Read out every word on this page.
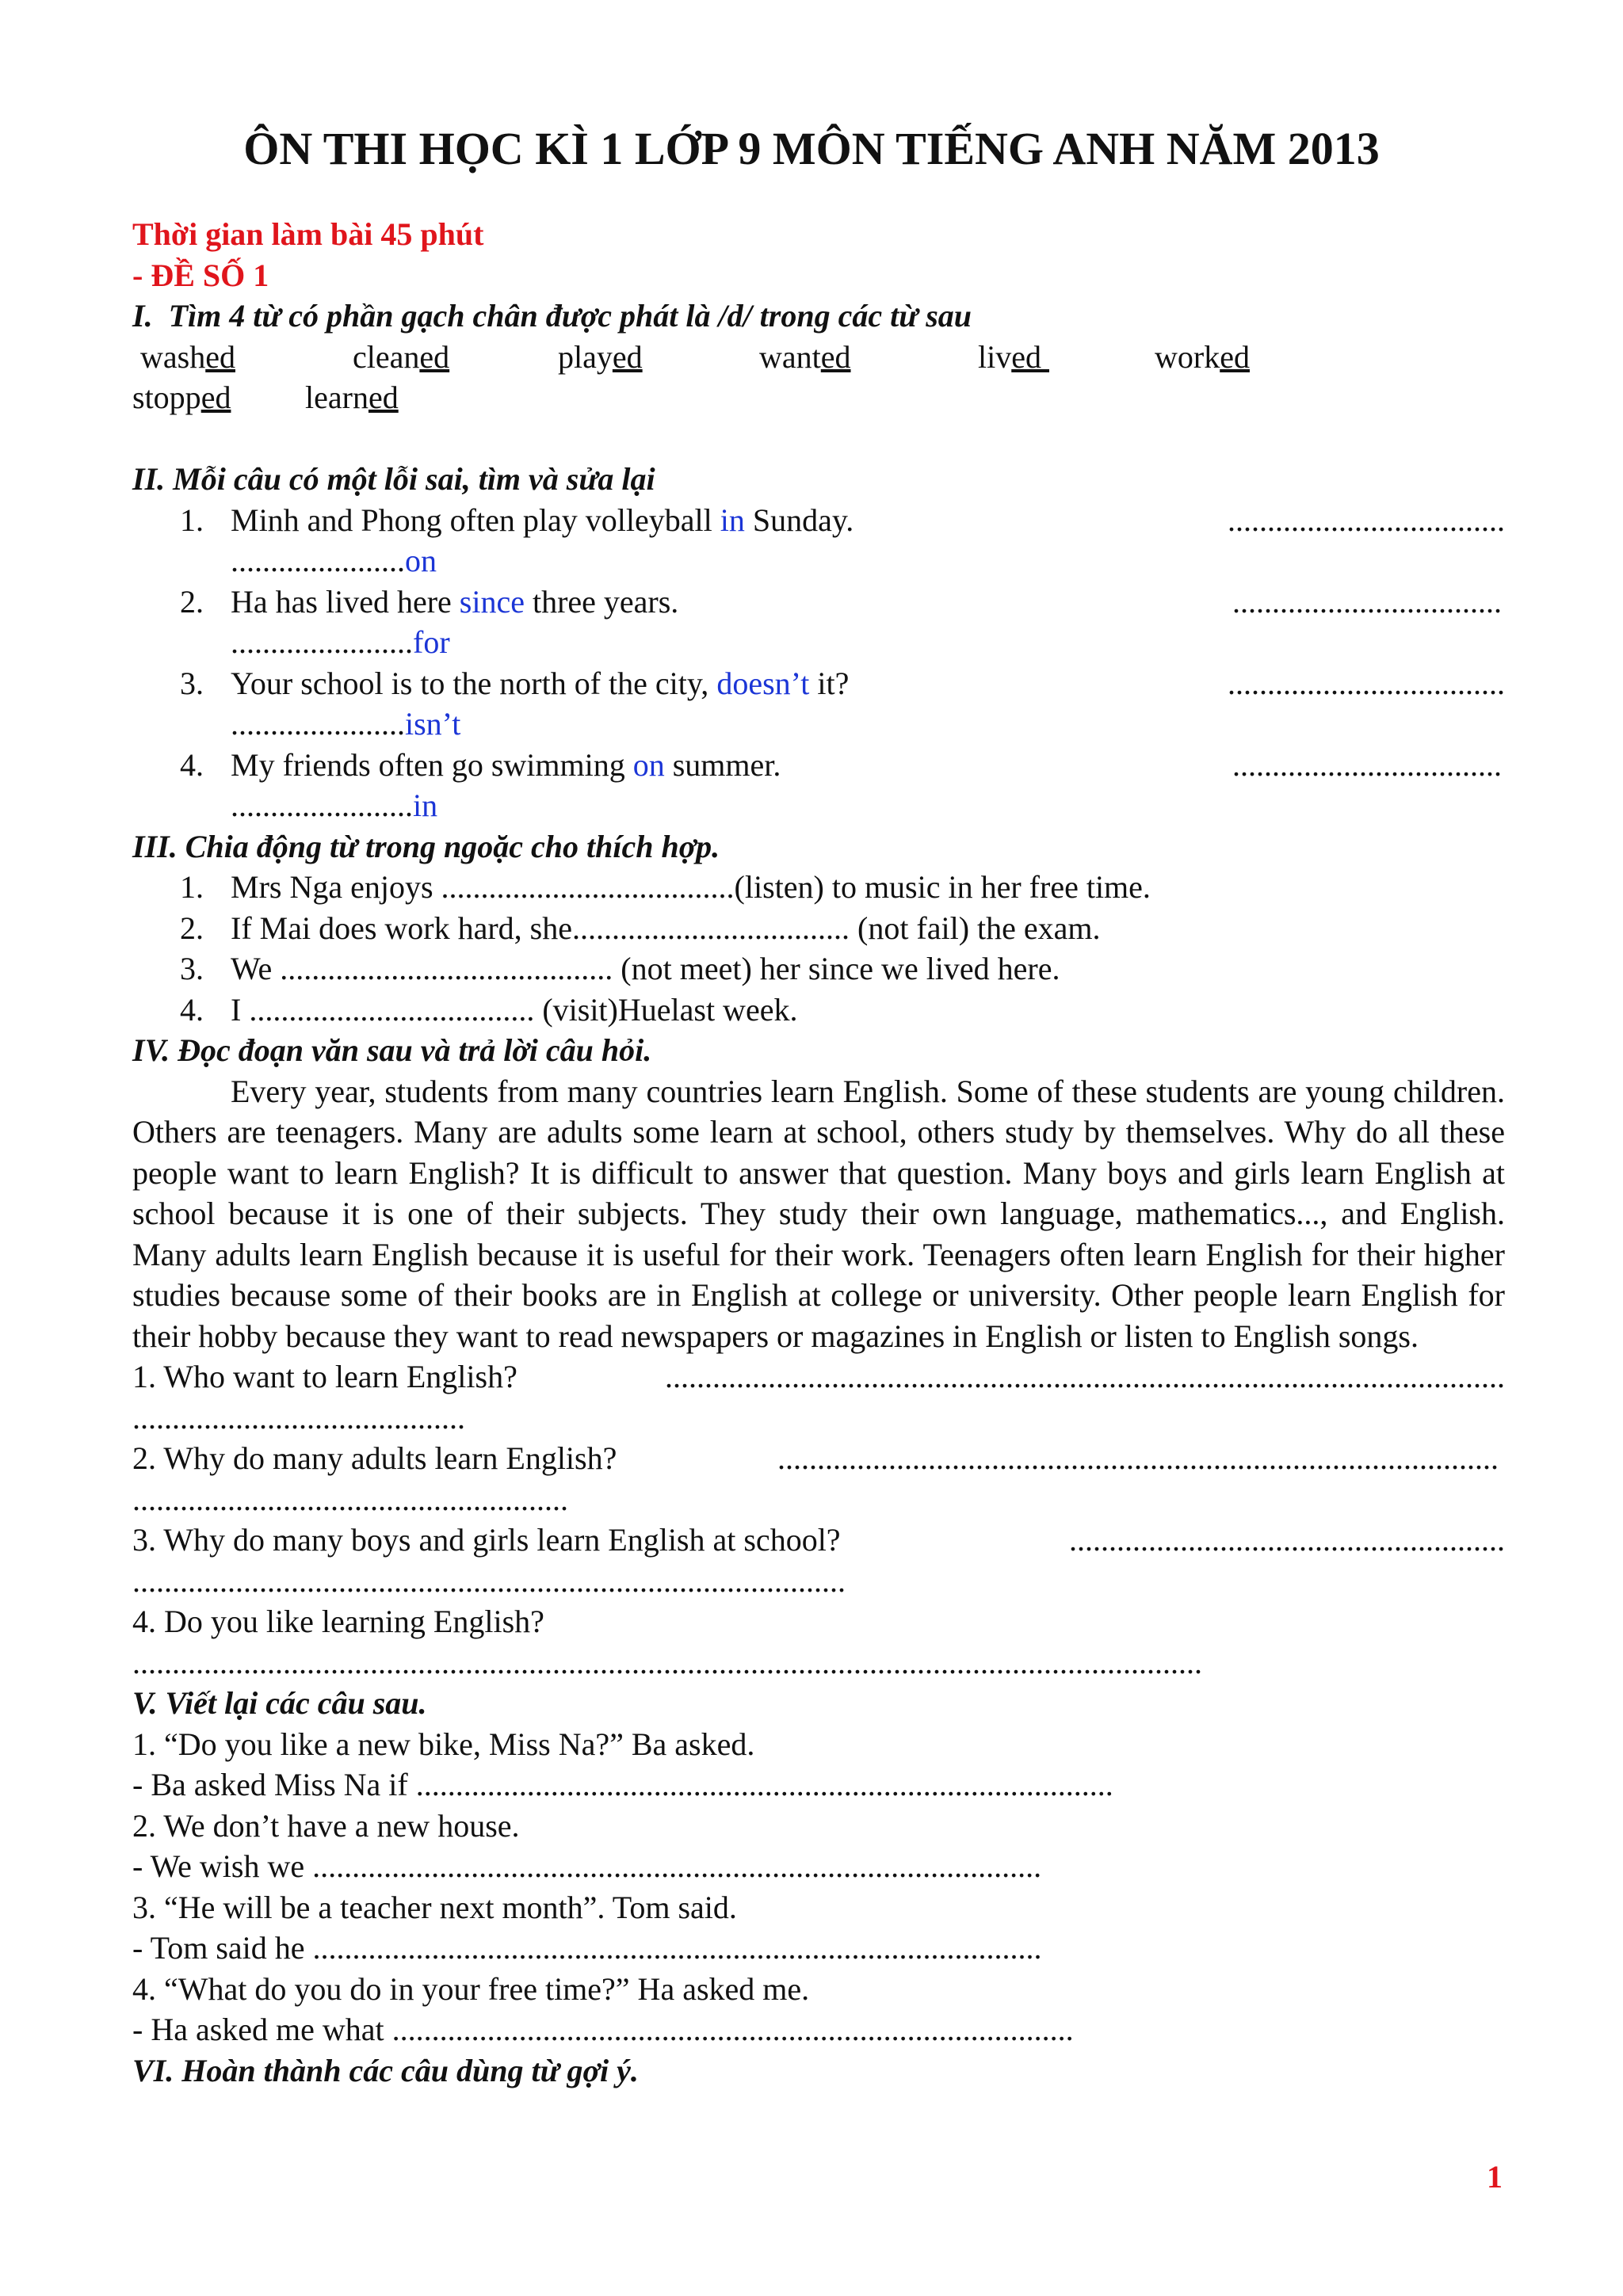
ÔN THI HỌC KÌ 1 LỚP 9 MÔN TIẾNG ANH NĂM 2013
Thời gian làm bài 45 phút
- ĐỀ SỐ 1
I.  Tìm 4 từ có phần gạch chân được phát là /d/ trong các từ sau
washed	cleaned	played	wanted	lived	worked
stopped learned
II. Mỗi câu có một lỗi sai, tìm và sửa lại
1. Minh and Phong often play volleyball in Sunday.	...................................
......................on
2. Ha has lived here since three years.	..................................
.......................for
3. Your school is to the north of the city, doesn’t it?	...................................
......................isn’t
4. My friends often go swimming on summer.	..................................
.......................in
III. Chia động từ trong ngoặc cho thích hợp.
1. Mrs Nga enjoys .....................................(listen) to music in her free time.
2. If Mai does work hard, she................................... (not fail) the exam.
3. We .......................................... (not meet) her since we lived here.
4. I .................................... (visit)Huelast week.
IV. Đọc đoạn văn sau và trả lời câu hỏi.
Every year, students from many countries learn English. Some of these students are young children. Others are teenagers. Many are adults some learn at school, others study by themselves. Why do all these people want to learn English? It is difficult to answer that question. Many boys and girls learn English at school because it is one of their subjects. They study their own language, mathematics..., and English. Many adults learn English because it is useful for their work. Teenagers often learn English for their higher studies because some of their books are in English at college or university. Other people learn English for their hobby because they want to read newspapers or magazines in English or listen to English songs.
1. Who want to learn English?	..........................................................................................................
..........................................
2. Why do many adults learn English?	...........................................................................................
.......................................................
3. Why do many boys and girls learn English at school?	.......................................................
..........................................................................................
4. Do you like learning English?
.......................................................................................................................................
V. Viết lại các câu sau.
1. “Do you like a new bike, Miss Na?” Ba asked.
- Ba asked Miss Na if ........................................................................................
2. We don’t have a new house.
- We wish we ............................................................................................
3. “He will be a teacher next month”. Tom said.
- Tom said he ............................................................................................
4. “What do you do in your free time?” Ha asked me.
- Ha asked me what ......................................................................................
VI. Hoàn thành các câu dùng từ gợi ý.
1
